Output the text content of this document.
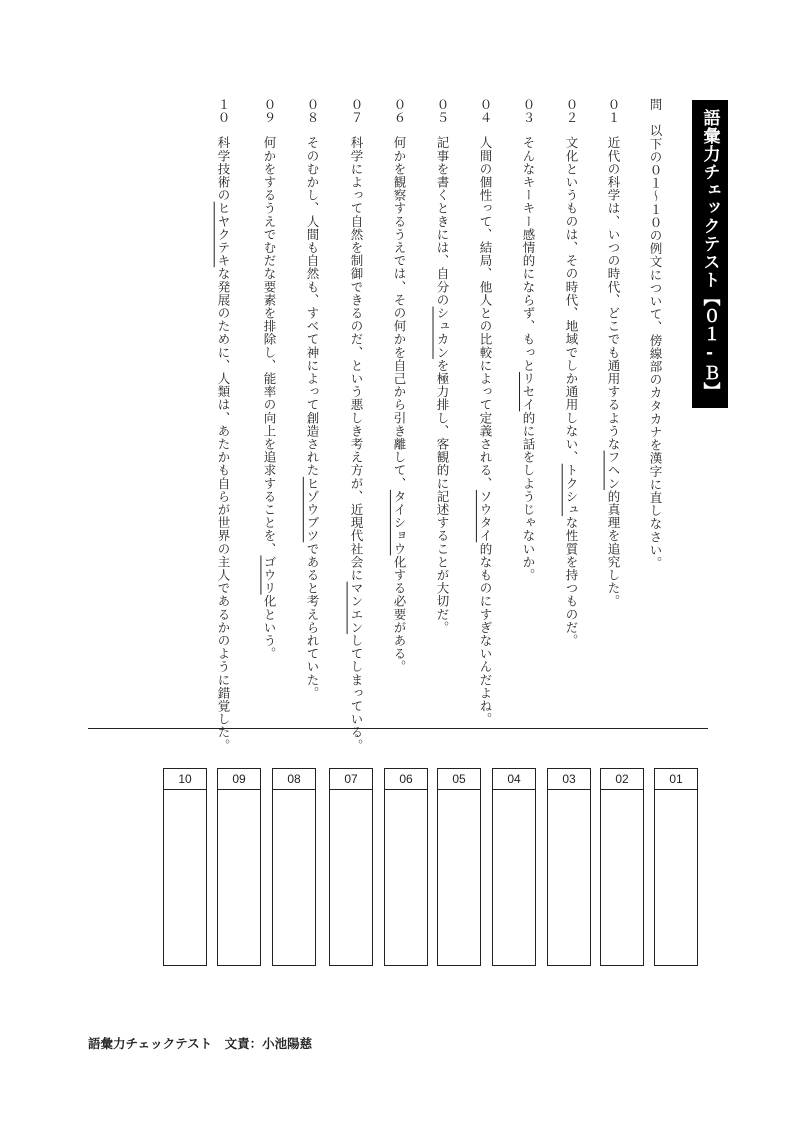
語彙力チェックテスト【０１-Ｂ】
問　以下の０１〜１０の例文について、傍線部のカタカナを漢字に直しなさい。
０１近代の科学は、いつの時代、どこでも通用するようなフヘン的真理を追究した。
０２文化というものは、その時代、地域でしか通用しない、トクシュな性質を持つものだ。
０３そんなキーキー感情的にならず、もっとリセイ的に話をしようじゃないか。
０４人間の個性って、結局、他人との比較によって定義される、ソウタイ的なものにすぎないんだよね。
０５記事を書くときには、自分のシュカンを極力排し、客観的に記述することが大切だ。
０６何かを観察するうえでは、その何かを自己から引き離して、タイショウ化する必要がある。
０７科学によって自然を制御できるのだ、という悪しき考え方が、近現代社会にマンエンしてしまっている。
０８そのむかし、人間も自然も、すべて神によって創造されたヒゾウブツであると考えられていた。
０９何かをするうえでむだな要素を排除し、能率の向上を追求することを、ゴウリ化という。
１０科学技術のヒヤクテキな発展のために、人類は、あたかも自らが世界の主人であるかのように錯覚した。
10	09	08	07	06	05	04	03	02	01
語彙力チェックテスト　文責：小池陽慈
